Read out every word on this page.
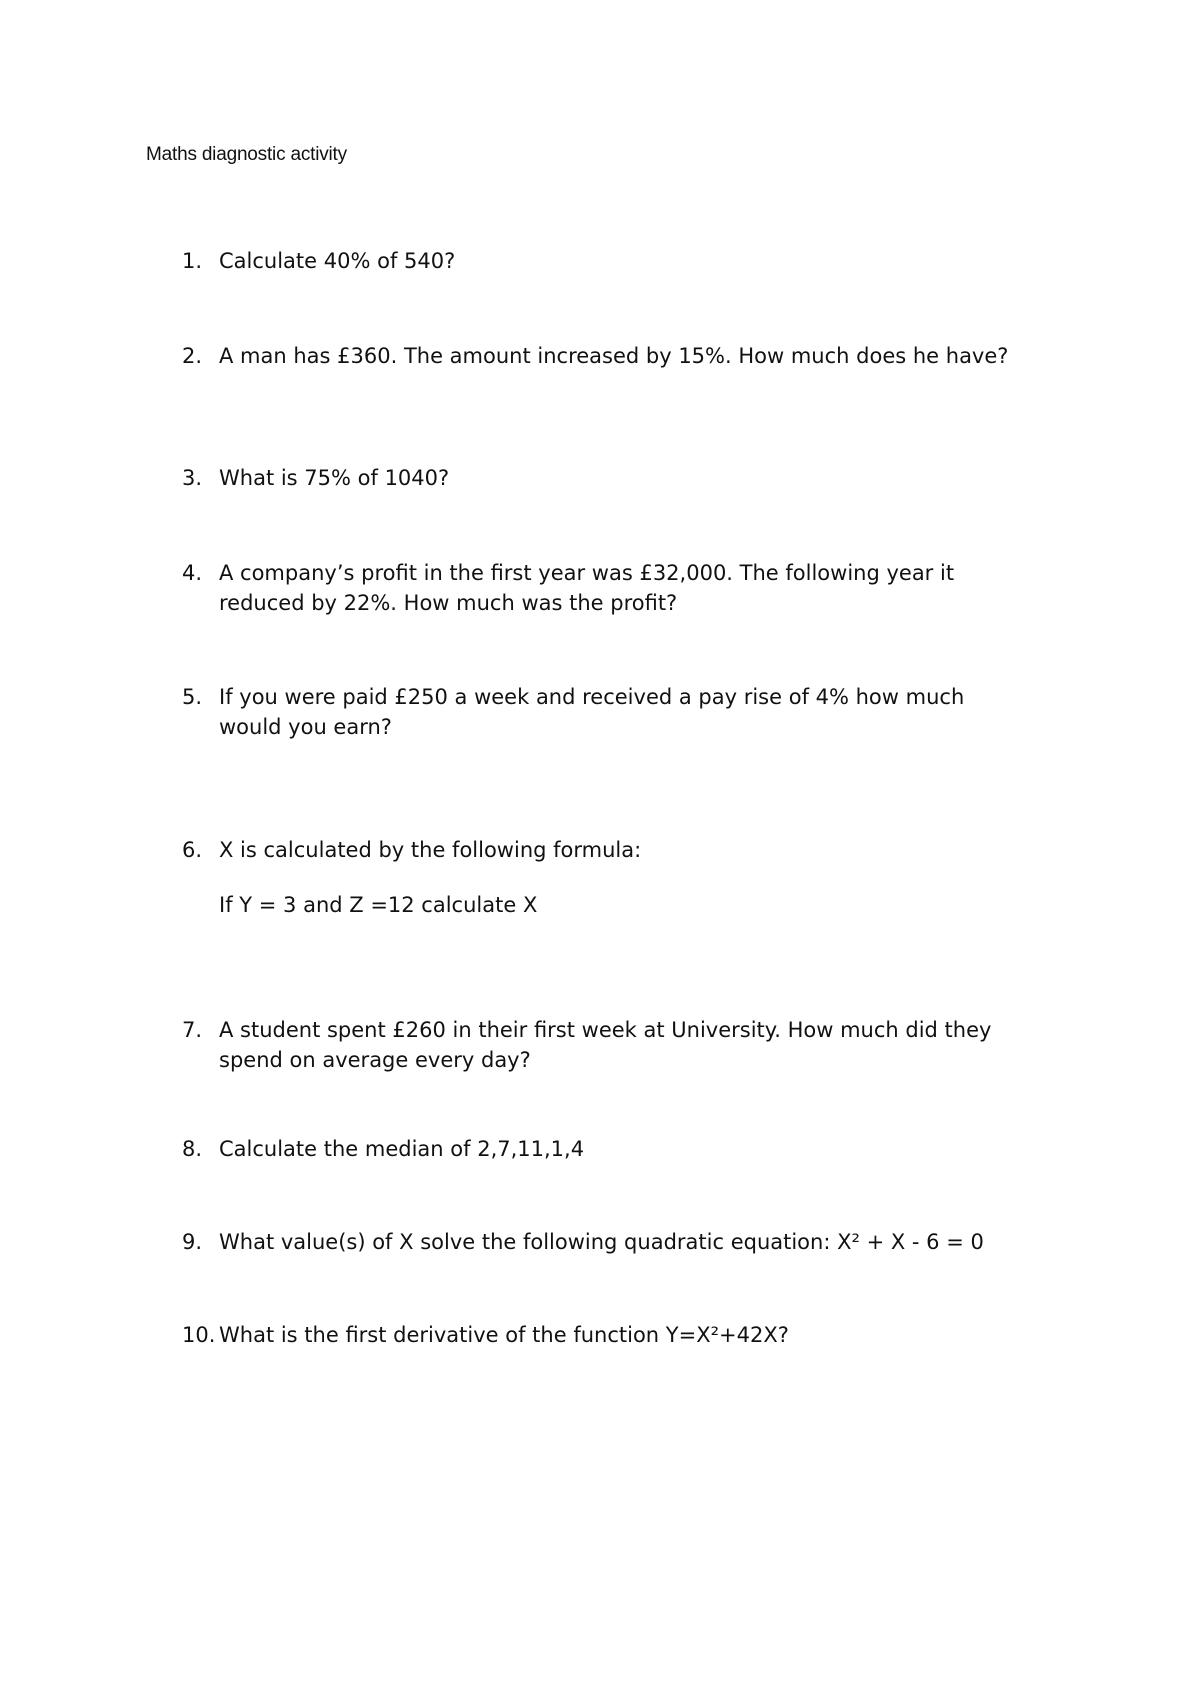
Maths diagnostic activity
1. Calculate 40% of 540?
2. A man has £360. The amount increased by 15%. How much does he have?
3. What is 75% of 1040?
4. A company’s profit in the first year was £32,000. The following year it
reduced by 22%. How much was the profit?
5. If you were paid £250 a week and received a pay rise of 4% how much
would you earn?
6. X is calculated by the following formula:
If Y = 3 and Z =12 calculate X
7. A student spent £260 in their first week at University. How much did they
spend on average every day?
8. Calculate the median of 2,7,11,1,4
9. What value(s) of X solve the following quadratic equation: X² + X - 6 = 0
10. What is the first derivative of the function Y=X²+42X?
